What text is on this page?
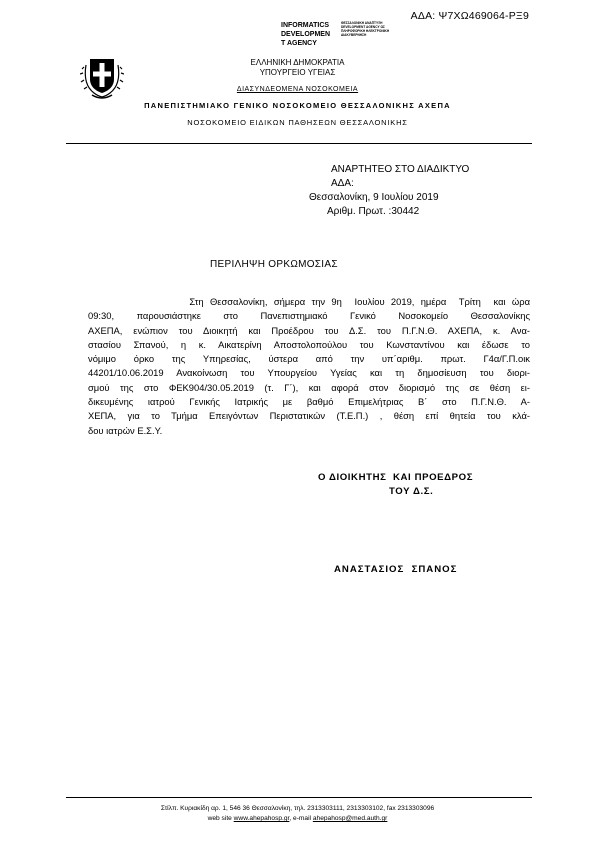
ΑΔΑ: Ψ7ΧΩ469064-ΡΞ9
INFORMATICS
DEVELOPMEN
T AGENCY
ΘΕΣΣΑΛΟΝΙΚΗ ΑΝΑΠΤΥΞΗ DEVELOPMENT AGENCY ΩΣ ΠΛΗΡΟΦΟΡΙΚΗ ΗΛΕΚΤΡΟΝΙΚΗ ΔΙΑΚΥΒΕΡΝΗΣΗ
ΕΛΛΗΝΙΚΗ ΔΗΜΟΚΡΑΤΙΑ
ΥΠΟΥΡΓΕΙΟ ΥΓΕΙΑΣ
ΔΙΑΣΥΝΔΕΟΜΕΝΑ ΝΟΣΟΚΟΜΕΙΑ
ΠΑΝΕΠΙΣΤΗΜΙΑΚΟ ΓΕΝΙΚΟ ΝΟΣΟΚΟΜΕΙΟ ΘΕΣΣΑΛΟΝΙΚΗΣ ΑΧΕΠΑ
ΝΟΣΟΚΟΜΕΙΟ ΕΙΔΙΚΩΝ ΠΑΘΗΣΕΩΝ ΘΕΣΣΑΛΟΝΙΚΗΣ
ΑΝΑΡΤΗΤΕΟ ΣΤΟ ΔΙΑΔΙΚΤΥΟ
ΑΔΑ:
Θεσσαλονίκη, 9 Ιουλίου 2019
Αριθμ. Πρωτ. :30442
ΠΕΡΙΛΗΨΗ ΟΡΚΩΜΟΣΙΑΣ
Στη Θεσσαλονίκη, σήμερα την 9η  Ιουλίου 2019, ημέρα  Τρίτη  και ώρα
09:30, παρουσιάστηκε στο Πανεπιστημιακό Γενικό Νοσοκομείο Θεσσαλονίκης
ΑΧΕΠΑ, ενώπιον του Διοικητή και Προέδρου του Δ.Σ. του Π.Γ.Ν.Θ. ΑΧΕΠΑ, κ. Ανα-
στασίου Σπανού, η κ. Αικατερίνη Αποστολοπούλου του Κωνσταντίνου και έδωσε το
νόμιμο όρκο της Υπηρεσίας, ύστερα από την υπ΄αριθμ. πρωτ. Γ4α/Γ.Π.οικ
44201/10.06.2019 Ανακοίνωση του Υπουργείου Υγείας και τη δημοσίευση του διορι-
σμού της στο ΦΕΚ904/30.05.2019 (τ. Γ΄), και αφορά στον διορισμό της σε θέση ει-
δικευμένης ιατρού Γενικής Ιατρικής με βαθμό Επιμελήτριας Β΄ στο Π.Γ.Ν.Θ. Α-
ΧΕΠΑ, για το Τμήμα Επειγόντων Περιστατικών (Τ.Ε.Π.) , θέση επί θητεία του κλά-
δου ιατρών Ε.Σ.Υ.
Ο ΔΙΟΙΚΗΤΗΣ  ΚΑΙ ΠΡΟΕΔΡΟΣ
ΤΟΥ Δ.Σ.
ΑΝΑΣΤΑΣΙΟΣ  ΣΠΑΝΟΣ
Στίλπ. Κυριακίδη αρ. 1, 546 36 Θεσσαλονίκη, τηλ. 2313303111, 2313303102, fax 2313303096
web site www.ahepahosp.gr, e-mail ahepahosp@med.auth.gr
